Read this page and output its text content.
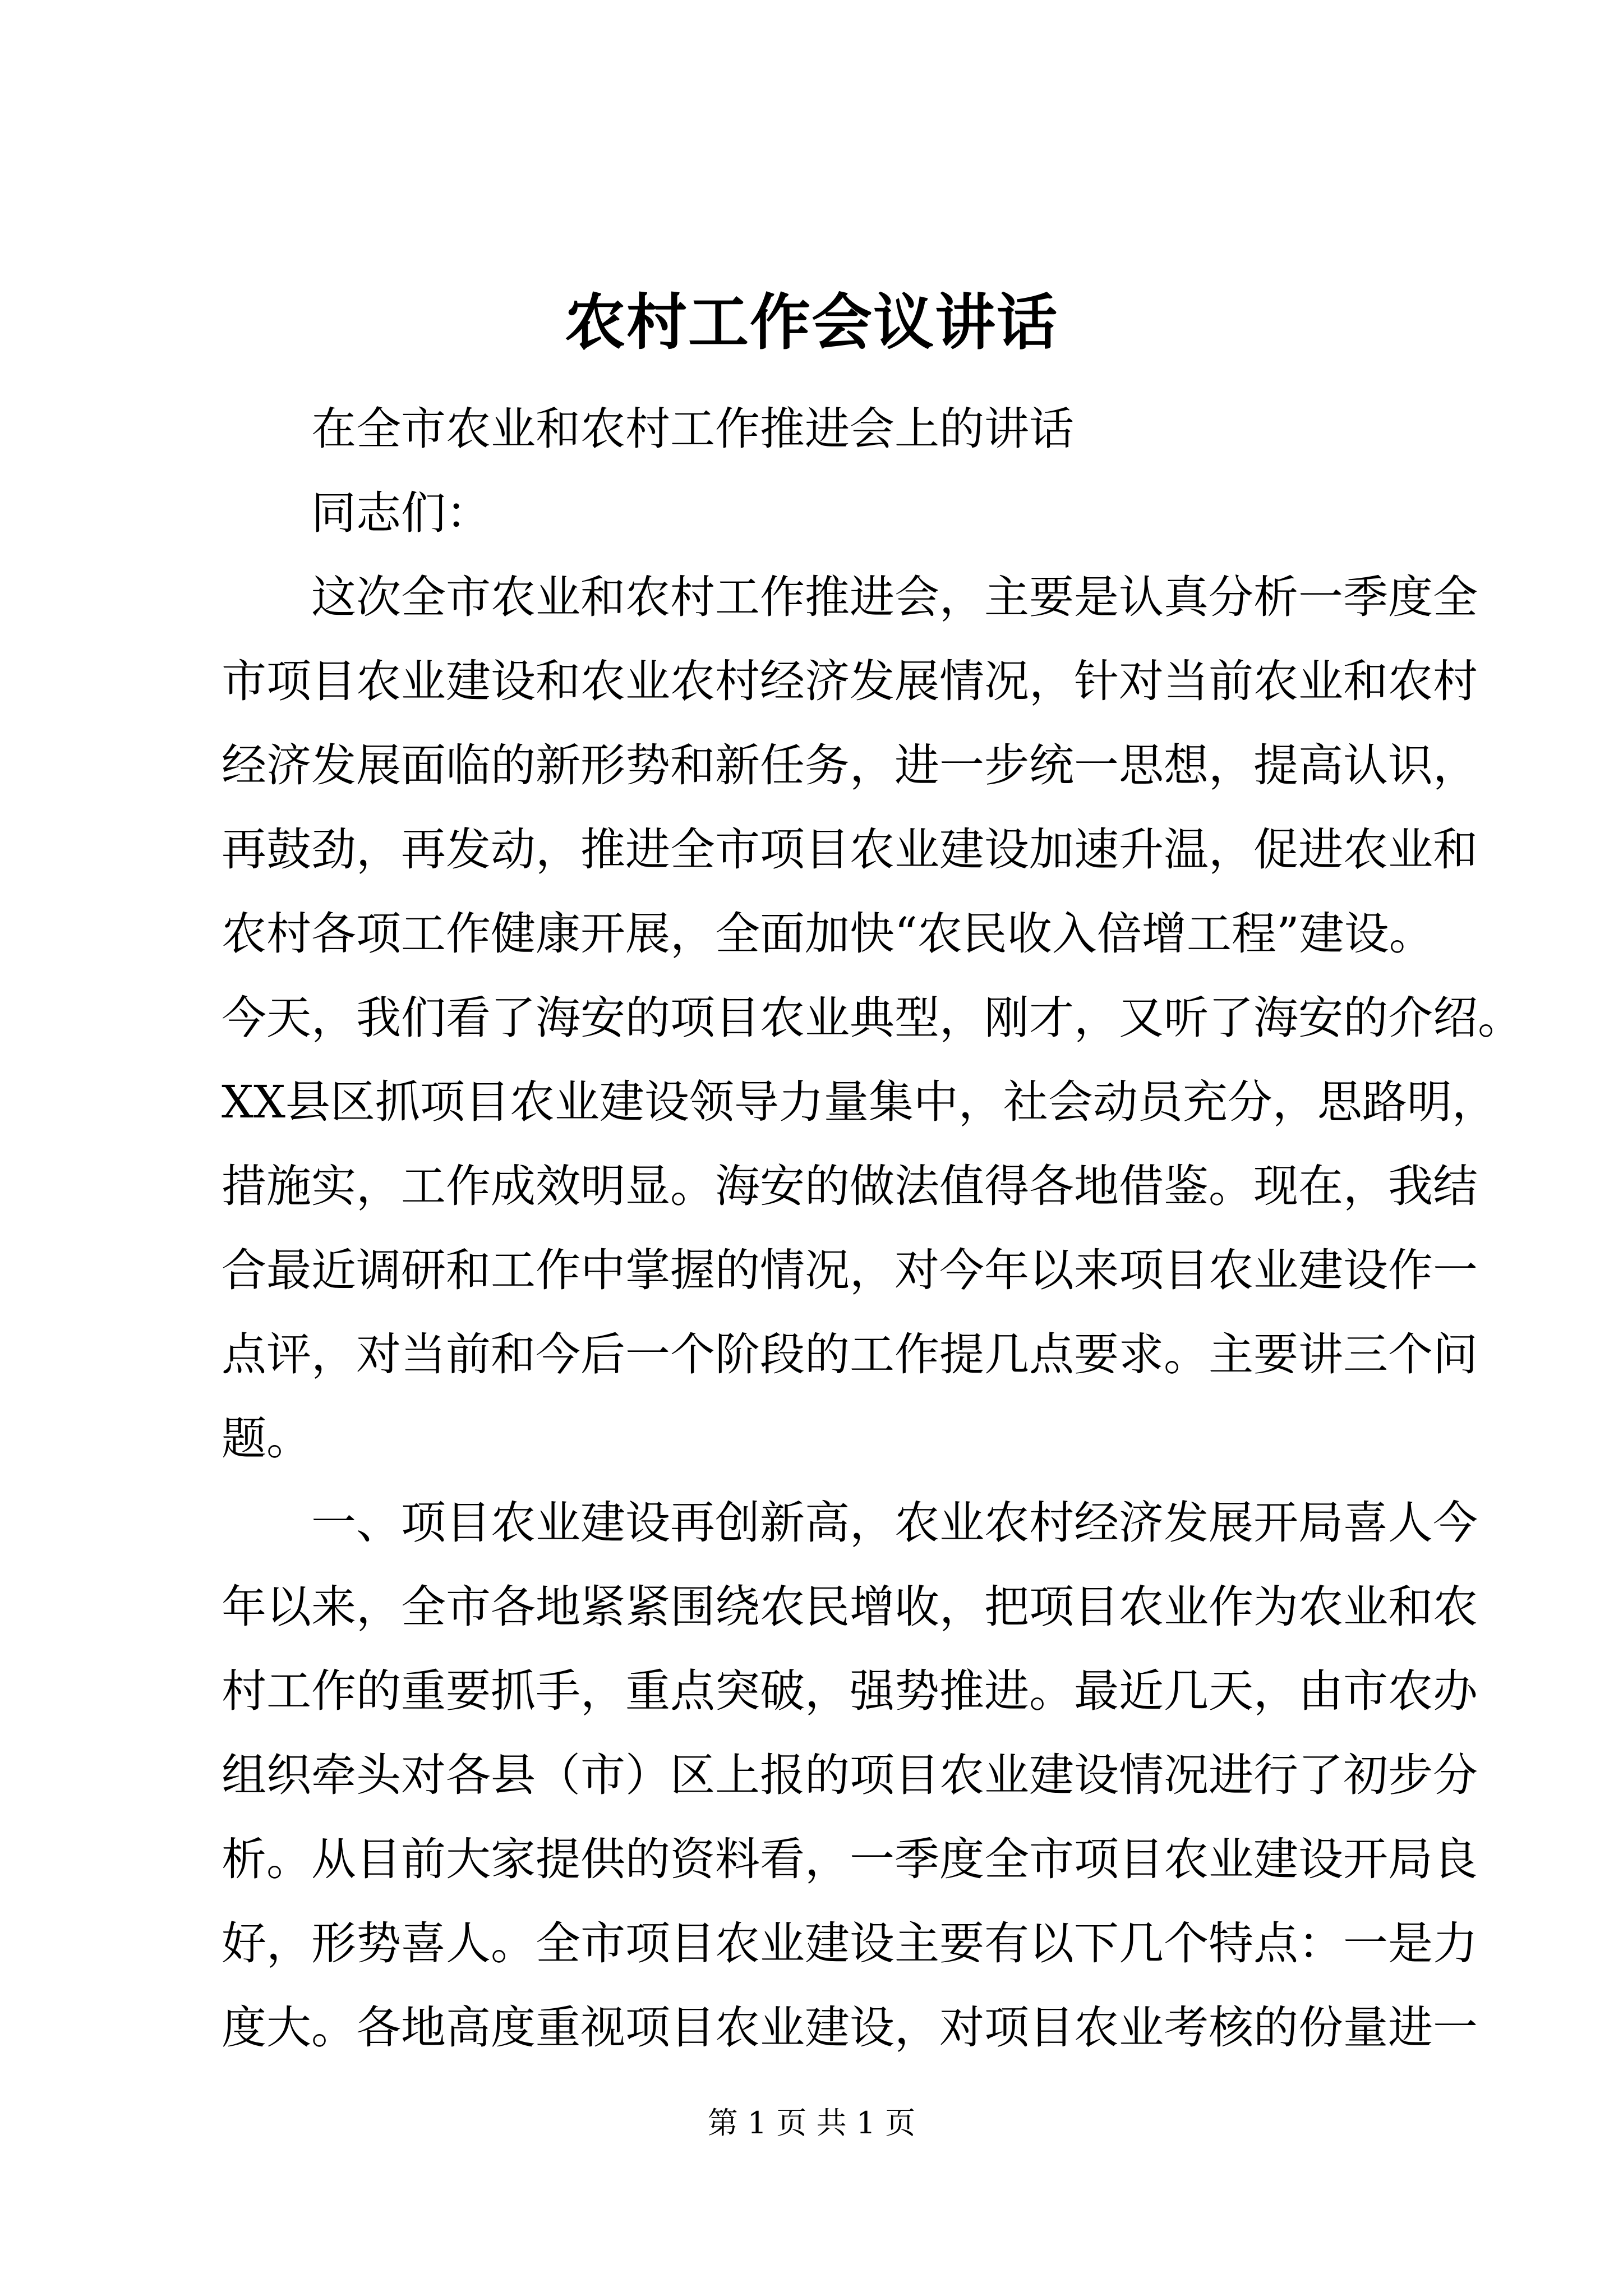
农村工作会议讲话
在全市农业和农村工作推进会上的讲话
同志们：
这次全市农业和农村工作推进会，主要是认真分析一季度全
市项目农业建设和农业农村经济发展情况，针对当前农业和农村
经济发展面临的新形势和新任务，进一步统一思想，提高认识，
再鼓劲，再发动，推进全市项目农业建设加速升温，促进农业和
农村各项工作健康开展，全面加快“农民收入倍增工程”建设。
今天，我们看了海安的项目农业典型，刚才，又听了海安的介绍。
XX县区抓项目农业建设领导力量集中，社会动员充分，思路明，
措施实，工作成效明显。海安的做法值得各地借鉴。现在，我结
合最近调研和工作中掌握的情况，对今年以来项目农业建设作一
点评，对当前和今后一个阶段的工作提几点要求。主要讲三个问
题。
一、项目农业建设再创新高，农业农村经济发展开局喜人今
年以来，全市各地紧紧围绕农民增收，把项目农业作为农业和农
村工作的重要抓手，重点突破，强势推进。最近几天，由市农办
组织牵头对各县（市）区上报的项目农业建设情况进行了初步分
析。从目前大家提供的资料看，一季度全市项目农业建设开局良
好，形势喜人。全市项目农业建设主要有以下几个特点：一是力
度大。各地高度重视项目农业建设，对项目农业考核的份量进一
第 1 页 共 1 页
